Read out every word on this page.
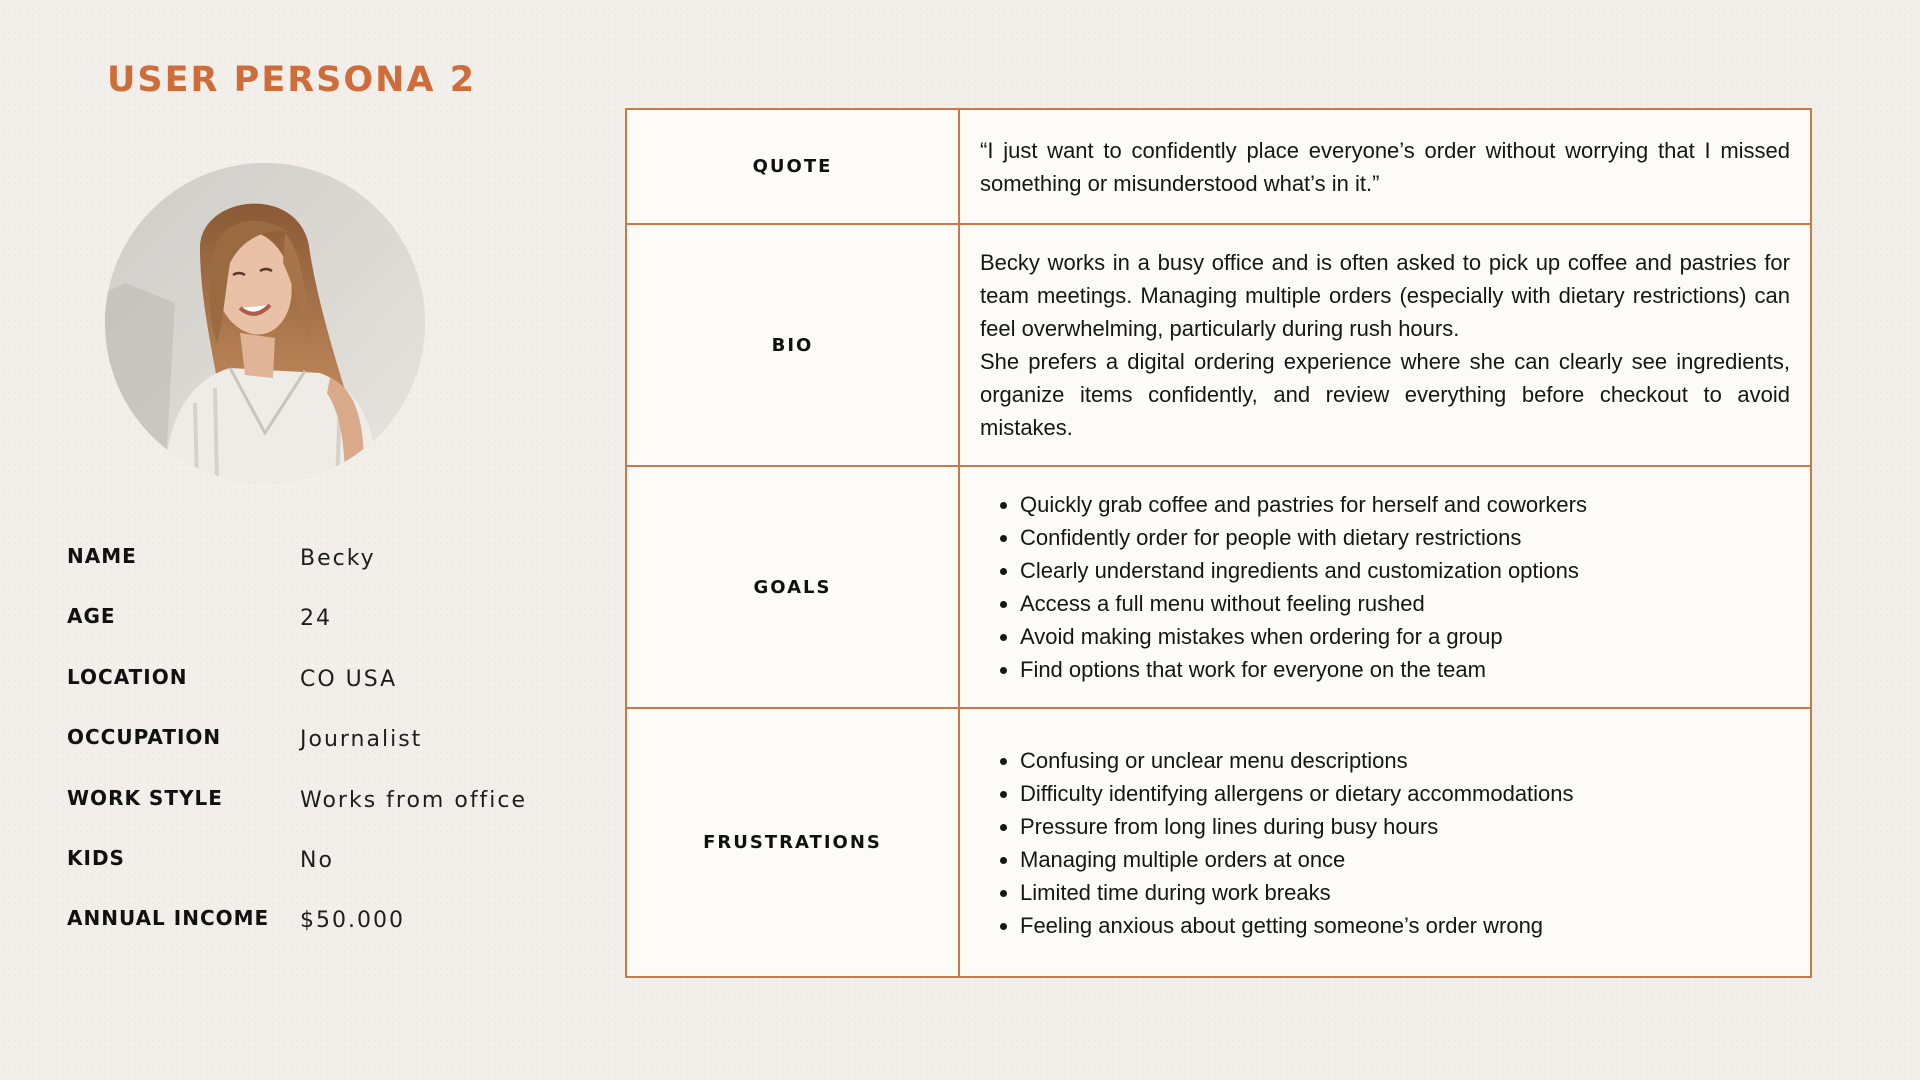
USER PERSONA 2
NAME	Becky
AGE	24
LOCATION	CO USA
OCCUPATION	Journalist
WORK STYLE	Works from office
KIDS	No
ANNUAL INCOME $50.000
QUOTE

“I just want to confidently place everyone’s order without worrying that I missed something or misunderstood what’s in it.”

BIO

Becky works in a busy office and is often asked to pick up coffee and pastries for team meetings. Managing multiple orders (especially with dietary restrictions) can feel overwhelming, particularly during rush hours.

She prefers a digital ordering experience where she can clearly see ingredients, organize items confidently, and review everything before checkout to avoid mistakes.

GOALS
• Quickly grab coffee and pastries for herself and coworkers
• Confidently order for people with dietary restrictions
• Clearly understand ingredients and customization options
• Access a full menu without feeling rushed
• Avoid making mistakes when ordering for a group
• Find options that work for everyone on the team
FRUSTRATIONS
• Confusing or unclear menu descriptions
• Difficulty identifying allergens or dietary accommodations
• Pressure from long lines during busy hours
• Managing multiple orders at once
• Limited time during work breaks
• Feeling anxious about getting someone’s order wrong
